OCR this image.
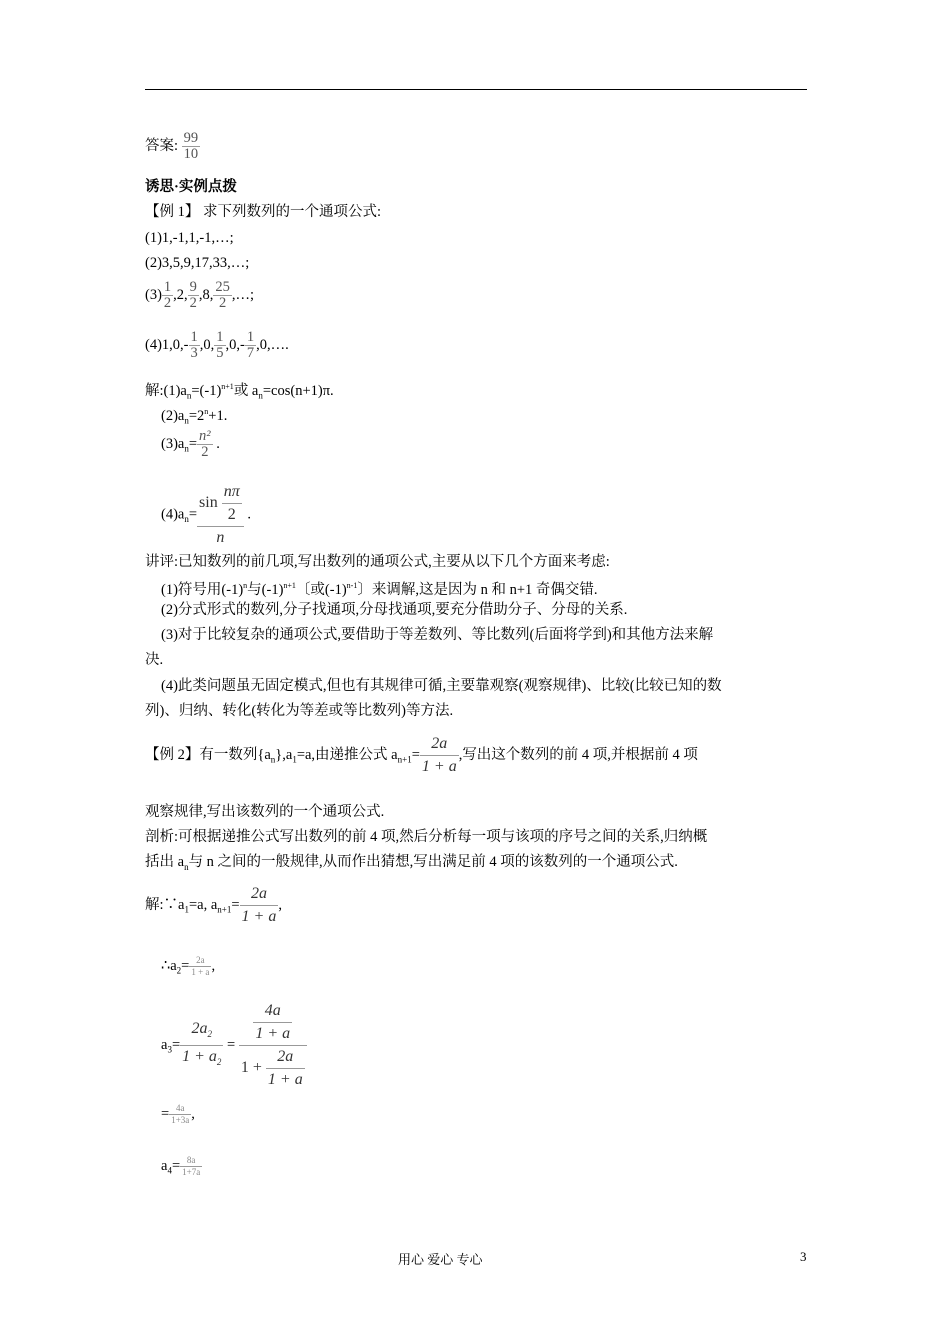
答案: $\frac{99}{10}$
诱思·实例点拨
【例 1】 求下列数列的一个通项公式:
(1)1,-1,1,-1,…;
(2)3,5,9,17,33,…;
$(3) \frac{1}{2} ,2$, $\frac{9}{2} ,8$, $\frac{25}{2}$ ,…;
$(4)1,0,- \frac{1}{3} ,0$, $\frac{1}{5} ,0,- \frac{1}{7}$ ,0,….
解$:(1)a_n=(-1)^{n+1}$或 $a_n=\cos(n+1)\pi$.
$(2)a_n=2^n+1$.
$(3)a_n= \frac{\text{n²}}{2}$ .
$(4)a_n= \frac{\sin \frac{n\pi}{2}}{n}$ .
讲评:已知数列的前几项,写出数列的通项公式,主要从以下几个方面来考虑:
(1)符号用$(-1)^n$与$(-1)^{n+1}$〔或$(-1)^{n-1}$〕来调解,这是因为 n 和 n+1 奇偶交错.
(2)分式形式的数列,分子找通项,分母找通项,要充分借助分子、分母的关系.
(3)对于比较复杂的通项公式,要借助于等差数列、等比数列(后面将学到)和其他方法来解
决.
(4)此类问题虽无固定模式,但也有其规律可循,主要靠观察(观察规律)、比较(比较已知的数
列)、归纳、转化(转化为等差或等比数列)等方法.
【例 2】有一数列$\{a_n\},a_1=a$,由递推公式 $a_{n+1}= \frac{2a}{1 + a}$ ,写出这个数列的前 4 项,并根据前 4 项
观察规律,写出该数列的一个通项公式.
剖析:可根据递推公式写出数列的前 4 项,然后分析每一项与该项的序号之间的关系,归纳概
括出 $a_n$与 n 之间的一般规律,从而作出猜想,写出满足前 4 项的该数列的一个通项公式.
解$:\because a_1=a$, $a_{n+1}= \frac{2a}{1 + a}$ ,
$\therefore a_2= \frac{2a}{1 + a}$ ,
$a_3= \frac{2a_2}{1 + a_2} = \frac{\frac{4a}{1 + a}}{1 + \frac{2a}{1 + a}}$
= $\frac{4a}{1+3a}$ ,
$a_4= \frac{8a}{1+7a}$
用心 爱心 专心	3
